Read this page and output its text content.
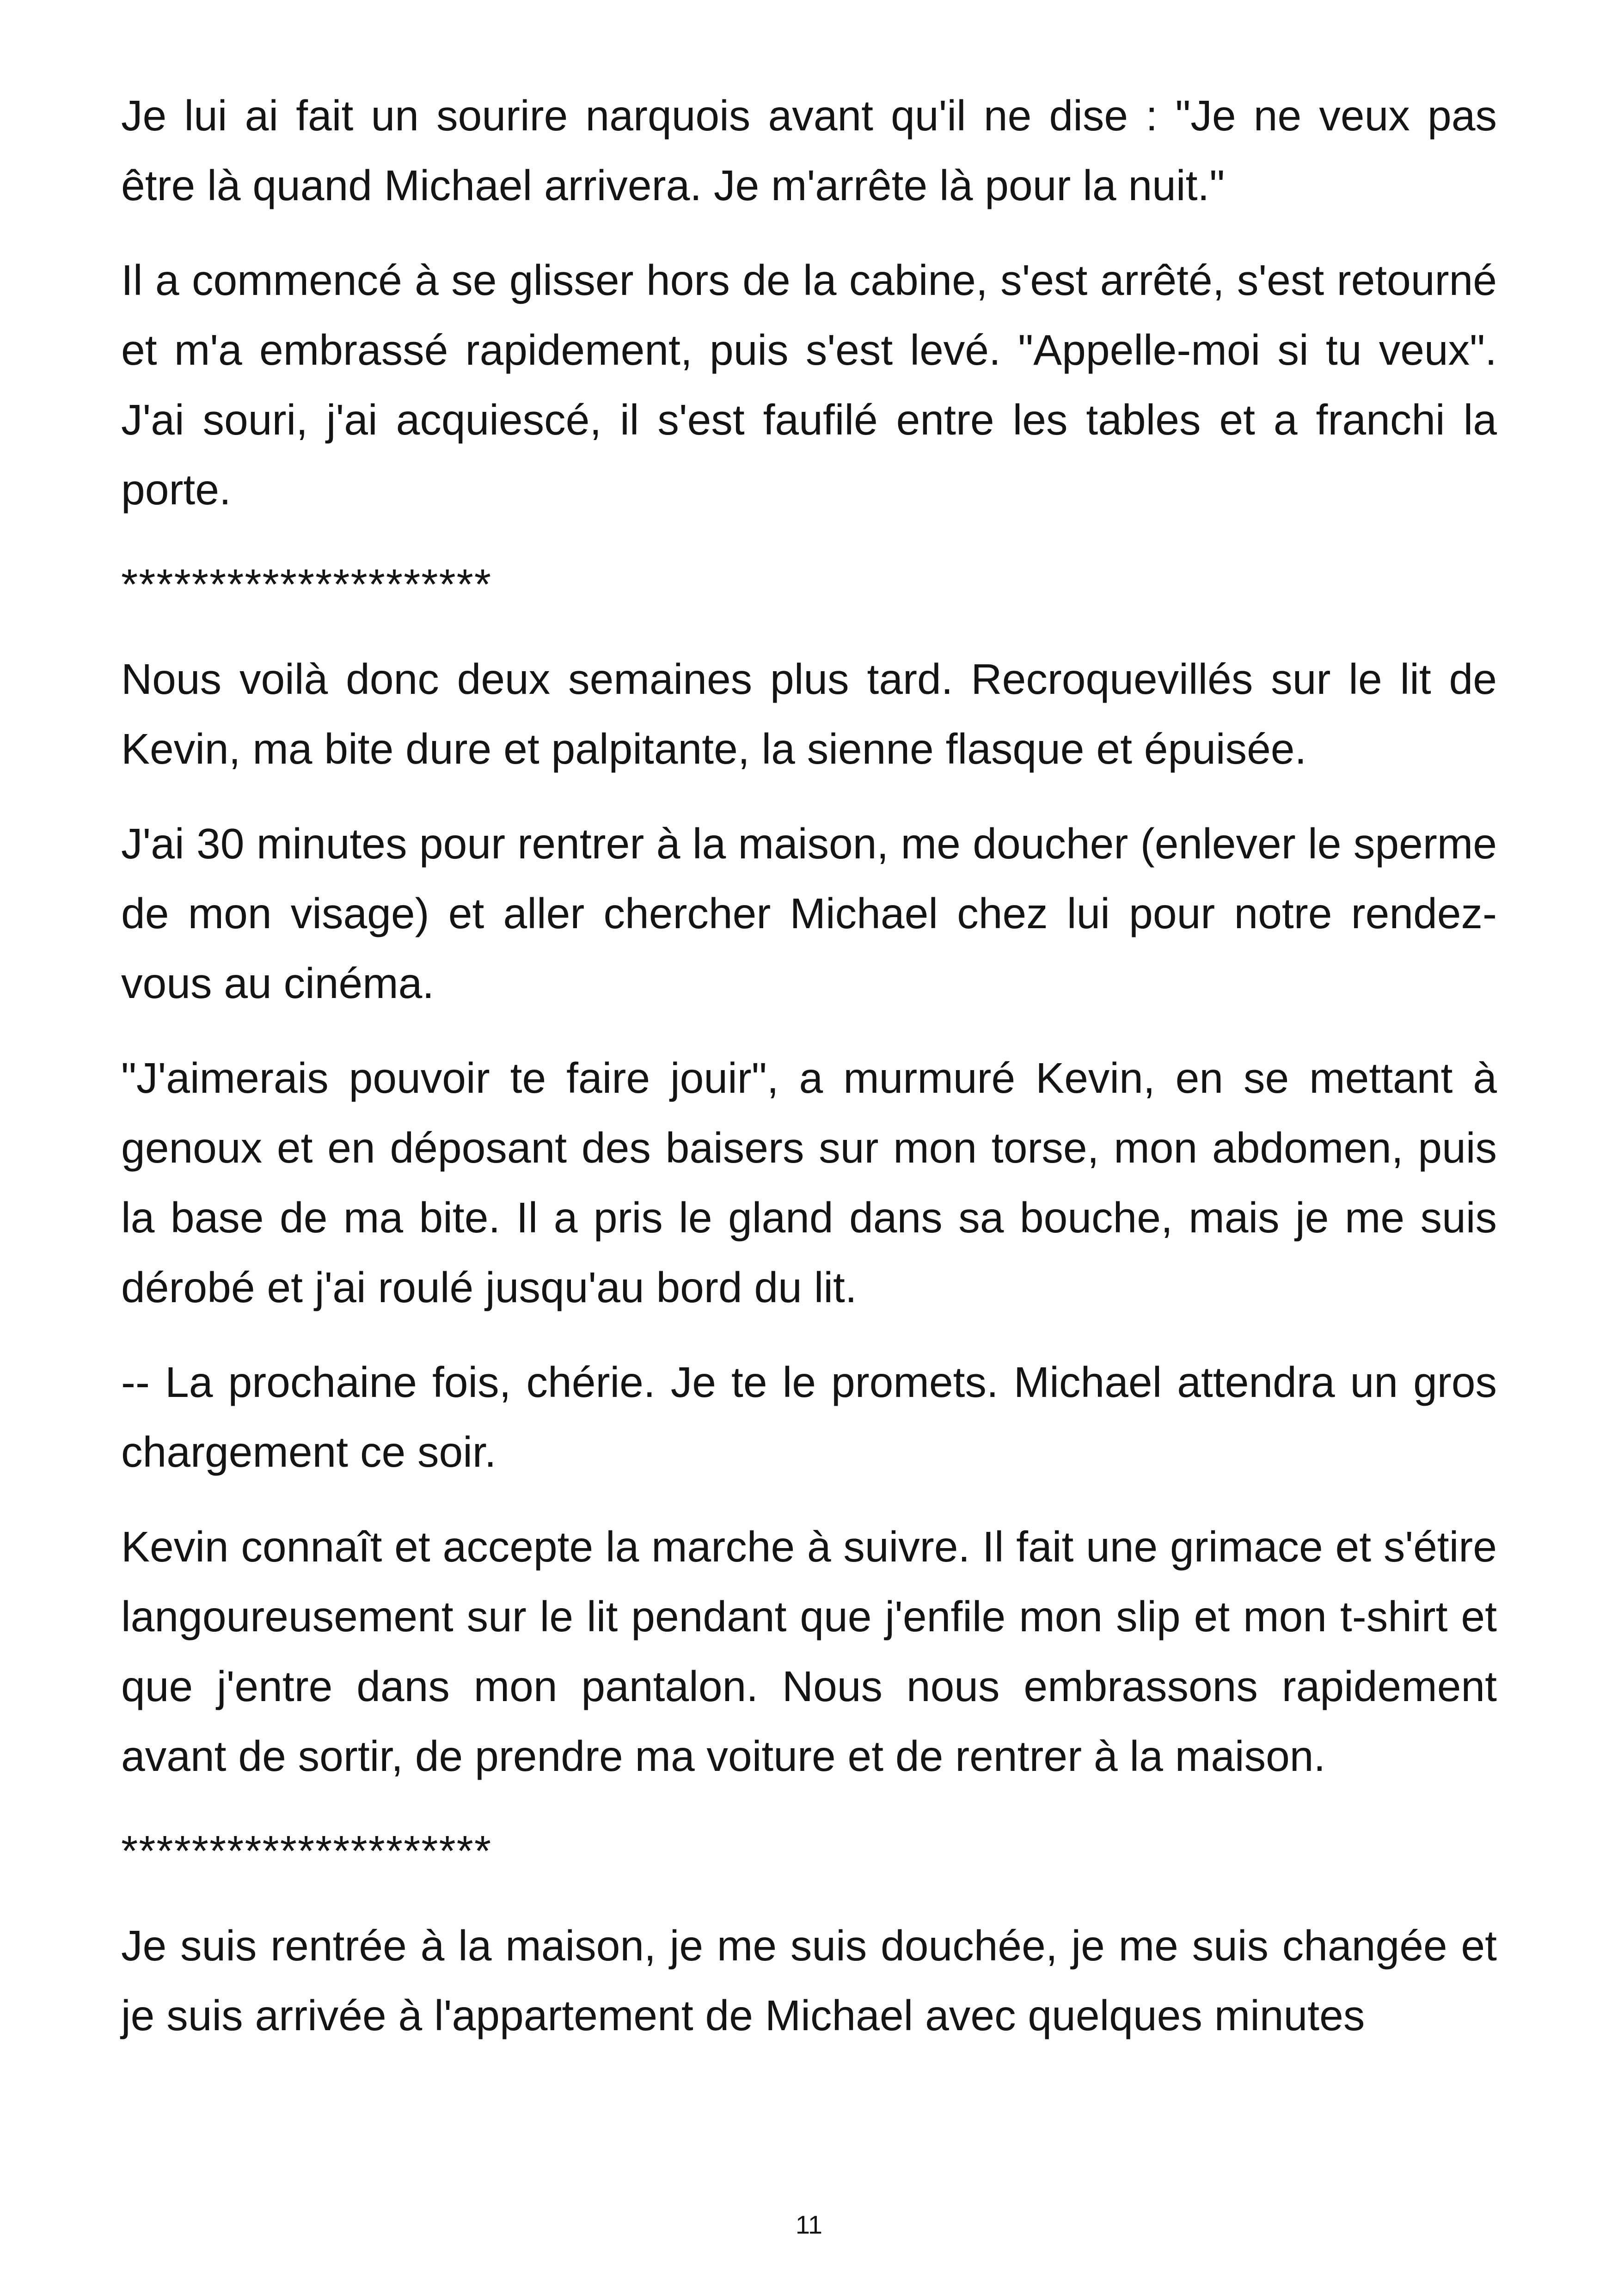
Je lui ai fait un sourire narquois avant qu'il ne dise : "Je ne veux pas être là quand Michael arrivera. Je m'arrête là pour la nuit."

Il a commencé à se glisser hors de la cabine, s'est arrêté, s'est retourné et m'a embrassé rapidement, puis s'est levé. "Appelle-moi si tu veux". J'ai souri, j'ai acquiescé, il s'est faufilé entre les tables et a franchi la porte.

*********************

Nous voilà donc deux semaines plus tard. Recroquevillés sur le lit de Kevin, ma bite dure et palpitante, la sienne flasque et épuisée.

J'ai 30 minutes pour rentrer à la maison, me doucher (enlever le sperme de mon visage) et aller chercher Michael chez lui pour notre rendez-vous au cinéma.

"J'aimerais pouvoir te faire jouir", a murmuré Kevin, en se mettant à genoux et en déposant des baisers sur mon torse, mon abdomen, puis la base de ma bite. Il a pris le gland dans sa bouche, mais je me suis dérobé et j'ai roulé jusqu'au bord du lit.

-- La prochaine fois, chérie. Je te le promets. Michael attendra un gros chargement ce soir.

Kevin connaît et accepte la marche à suivre. Il fait une grimace et s'étire langoureusement sur le lit pendant que j'enfile mon slip et mon t-shirt et que j'entre dans mon pantalon. Nous nous embrassons rapidement avant de sortir, de prendre ma voiture et de rentrer à la maison.

*********************

Je suis rentrée à la maison, je me suis douchée, je me suis changée et je suis arrivée à l'appartement de Michael avec quelques minutes

11
